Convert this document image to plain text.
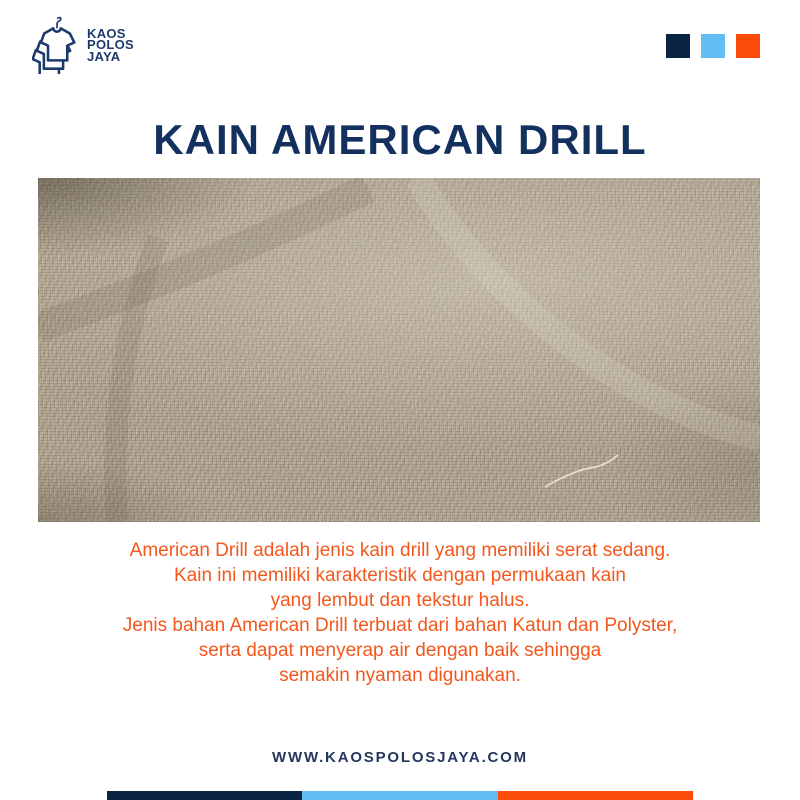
KAOS
POLOS
JAYA
KAIN AMERICAN DRILL
American Drill adalah jenis kain drill yang memiliki serat sedang.
Kain ini memiliki karakteristik dengan permukaan kain
yang lembut dan tekstur halus.
Jenis bahan American Drill terbuat dari bahan Katun dan Polyster,
serta dapat menyerap air dengan baik sehingga
semakin nyaman digunakan.
WWW.KAOSPOLOSJAYA.COM
